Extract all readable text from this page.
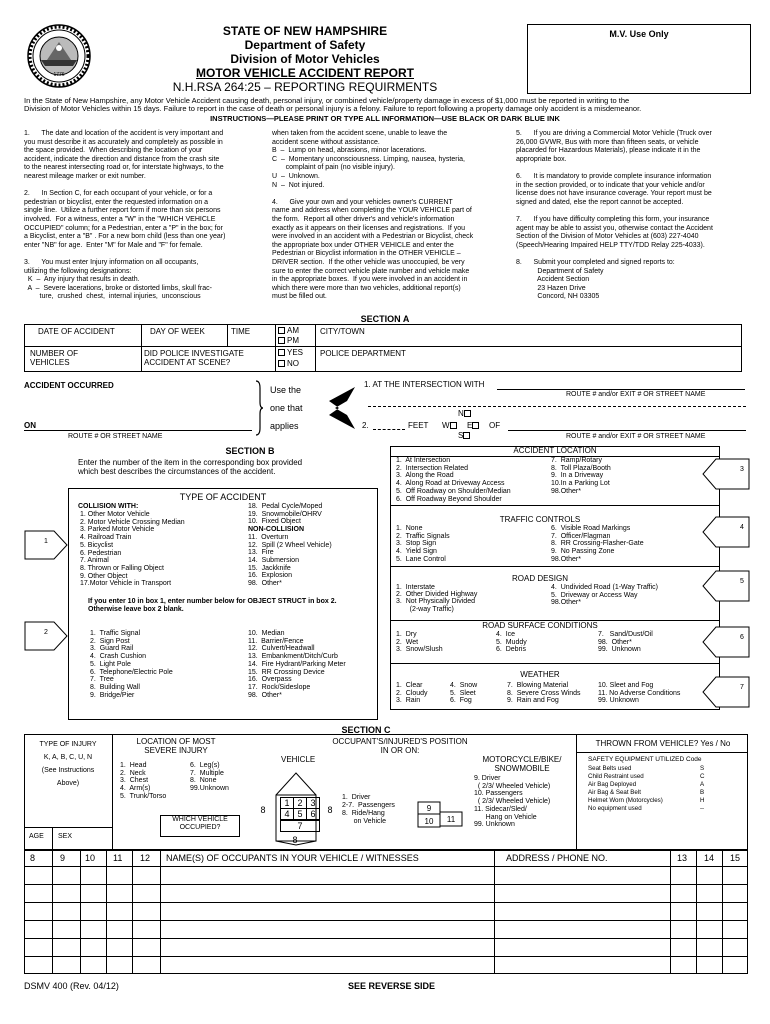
1776
STATE OF NEW HAMPSHIRE
Department of Safety
Division of Motor Vehicles
MOTOR VEHICLE ACCIDENT REPORT
N.H.RSA 264:25 – REPORTING REQUIRMENTS
M.V. Use Only
In the State of New Hampshire, any Motor Vehicle Accident causing death, personal injury, or combined vehicle/property damage in excess of $1,000 must be reported in writing to the
Division of Motor Vehicles within 15 days. Failure to report in the case of death or personal injury is a felony. Failure to report following a property damage only accident is a misdemeanor.
INSTRUCTIONS—PLEASE PRINT OR TYPE ALL INFORMATION—USE BLACK OR DARK BLUE INK
1.      The date and location of the accident is very important and
you must describe it as accurately and completely as possible in
the space provided.  When describing the location of your
accident, indicate the direction and distance from the crash site
to the nearest intersecting road or, for interstate highways, to the
nearest mileage marker or exit number.

2.      In Section C, for each occupant of your vehicle, or for a
pedestrian or bicyclist, enter the requested information on a
single line.  Utilize a further report form if more than six persons
involved.  For a witness, enter a "W" in the "WHICH VEHICLE
OCCUPIED" column; for a Pedestrian, enter a "P" in the box; for
a Bicyclist, enter a "B" . For a new born child (less than one year)
enter "NB" for age.  Enter "M" for Male and "F" for female.

3.      You must enter Injury information on all occupants,
utilizing the following designations:
K  –  Any injury that results in death.
A  –  Severe lacerations, broke or distorted limbs, skull frac-
ture,  crushed  chest,  internal injuries,  unconscious
when taken from the accident scene, unable to leave the
accident scene without assistance.
B  –  Lump on head, abrasions, minor lacerations.
C  –  Momentary unconsciousness. Limping, nausea, hysteria,
complaint of pain (no visible injury).
U  –  Unknown.
N  –  Not injured.

4.      Give your own and your vehicles owner's CURRENT
name and address when completing the YOUR VEHICLE part of
the form.  Report all other driver's and vehicle's information
exactly as it appears on their licenses and registrations.  If you
were involved in an accident with a Pedestrian or Bicyclist, check
the appropriate box under OTHER VEHICLE and enter the
Pedestrian or Bicyclist information in the OTHER VEHICLE –
DRIVER section.  If the other vehicle was unoccupied, be very
sure to enter the correct vehicle plate number and vehicle make
in the appropriate boxes.  If you were involved in an accident in
which there were more than two vehicles, additional report(s)
must be filled out.
5.      If you are driving a Commercial Motor Vehicle (Truck over
26,000 GVWR, Bus with more than fifteen seats, or vehicle
placarded for Hazardous Materials), please indicate it in the
appropriate box.

6.      It is mandatory to provide complete insurance information
in the section provided, or to indicate that your vehicle and/or
license does not have insurance coverage. Your report must be
signed and dated, else the report cannot be accepted.

7.      If you have difficulty completing this form, your insurance
agent may be able to assist you, otherwise contact the Accident
Section of the Division of Motor Vehicles at (603) 227-4040
(Speech/Hearing Impaired HELP TTY/TDD Relay 225-4033).

8.      Submit your completed and signed reports to:
Department of Safety
Accident Section
23 Hazen Drive
Concord, NH 03305
SECTION A
DATE OF ACCIDENT	DAY OF WEEK	TIME	AM
PM
CITY/TOWN
NUMBER OF
VEHICLES
DID POLICE INVESTIGATE
ACCIDENT AT SCENE?
YES
NO
POLICE DEPARTMENT
ACCIDENT OCCURRED
ON
ROUTE # OR STREET NAME
Use the
one that
applies
1. AT THE INTERSECTION WITH
ROUTE # and/or EXIT # OR STREET NAME
N
2.	FEET W	E	OF
S	ROUTE # and/or EXIT # OR STREET NAME
SECTION B
Enter the number of the item in the corresponding box provided
which best describes the circumstances of the accident.
TYPE OF ACCIDENT
COLLISION WITH:
1. Other Motor Vehicle
2. Motor Vehicle Crossing Median
3. Parked Motor Vehicle
4. Railroad Train
5. Bicyclist
6. Pedestrian
7. Animal
8. Thrown or Falling Object
9. Other Object
17.Motor Vehicle in Transport
18.  Pedal Cycle/Moped
19.  Snowmobile/OHRV
10.  Fixed Object
NON-COLLISION
11.  Overturn
12.  Spill (2 Wheel Vehicle)
13.  Fire
14.  Submersion
15.  Jackknife
16.  Explosion
98.  Other*
If you enter 10 in box 1, enter number below for OBJECT STRUCT in box 2.
Otherwise leave box 2 blank.
1.  Traffic Signal
2.  Sign Post
3.  Guard Rail
4.  Crash Cushion
5.  Light Pole
6.  Telephone/Electric Pole
7.  Tree
8.  Building Wall
9.  Bridge/Pier
10.  Median
11.  Barrier/Fence
12.  Culvert/Headwall
13.  Embankment/Ditch/Curb
14.  Fire Hydrant/Parking Meter
15.  RR Crossing Device
16.  Overpass
17.  Rock/Sideslope
98.  Other*
1
2
ACCIDENT LOCATION
1.  At Intersection
2.  Intersection Related
3.  Along the Road
4.  Along Road at Driveway Access
5.  Off Roadway on Shoulder/Median
6.  Off Roadway Beyond Shoulder
7.  Ramp/Rotary
8.  Toll Plaza/Booth
9.  In a Driveway
10.In a Parking Lot
98.Other*
TRAFFIC CONTROLS
1.  None
2.  Traffic Signals
3.  Stop Sign
4.  Yield Sign
5.  Lane Control
6.  Visible Road Markings
7.  Officer/Flagman
8.  RR Crossing-Flasher-Gate
9.  No Passing Zone
98.Other*
ROAD DESIGN
1.  Interstate
2.  Other Divided Highway
3.  Not Physically Divided
(2-way Traffic)
4.  Undivided Road (1-Way Traffic)
5.  Driveway or Access Way
98.Other*
ROAD SURFACE CONDITIONS
1.  Dry
2.  Wet
3.  Snow/Slush
4.  Ice
5.  Muddy
6.  Debris
7.   Sand/Dust/Oil
98.  Other*
99.  Unknown
WEATHER
1.  Clear
2.  Cloudy
3.  Rain
4.  Snow
5.  Sleet
6.  Fog
7.  Blowing Material
8.  Severe Cross Winds
9.  Rain and Fog
10. Sleet and Fog
11. No Adverse Conditions
99. Unknown
3
4
5
6
7
SECTION C
TYPE OF INJURY
K, A, B, C, U, N
(See Instructions
Above)
AGE SEX
LOCATION OF MOST
SEVERE INJURY
1.  Head
2.  Neck
3.  Chest
4.  Arm(s)
5.  Trunk/Torso
6.  Leg(s)
7.  Multiple
8.  None
99.Unknown
OCCUPANT'S/INJURED'S POSITION
IN OR ON:
VEHICLE
1 2 3
4 5 6
7
8	8
8
WHICH VEHICLE
OCCUPIED?
1.  Driver
2-7.  Passengers
8.  Ride/Hang
on Vehicle
9
10	11
MOTORCYCLE/BIKE/
SNOWMOBILE
9. Driver
( 2/3/ Wheeled Vehicle)
10. Passengers
( 2/3/ Wheeled Vehicle)
11. Sidecar/Sled/
Hang on Vehicle
99. Unknown
THROWN FROM VEHICLE? Yes / No
SAFETY EQUIPMENT UTILIZED Code
Seat Belts used	S
Child Restraint used	C
Air Bag Deployed	A
Air Bag & Seat Belt	B
Helmet Worn (Motorcycles)	H
No equipment used	--
8	9 10 11 12 NAME(S) OF OCCUPANTS IN YOUR VEHICLE / WITNESSES	ADDRESS / PHONE NO.	13 14 15
DSMV 400 (Rev. 04/12)	SEE REVERSE SIDE
